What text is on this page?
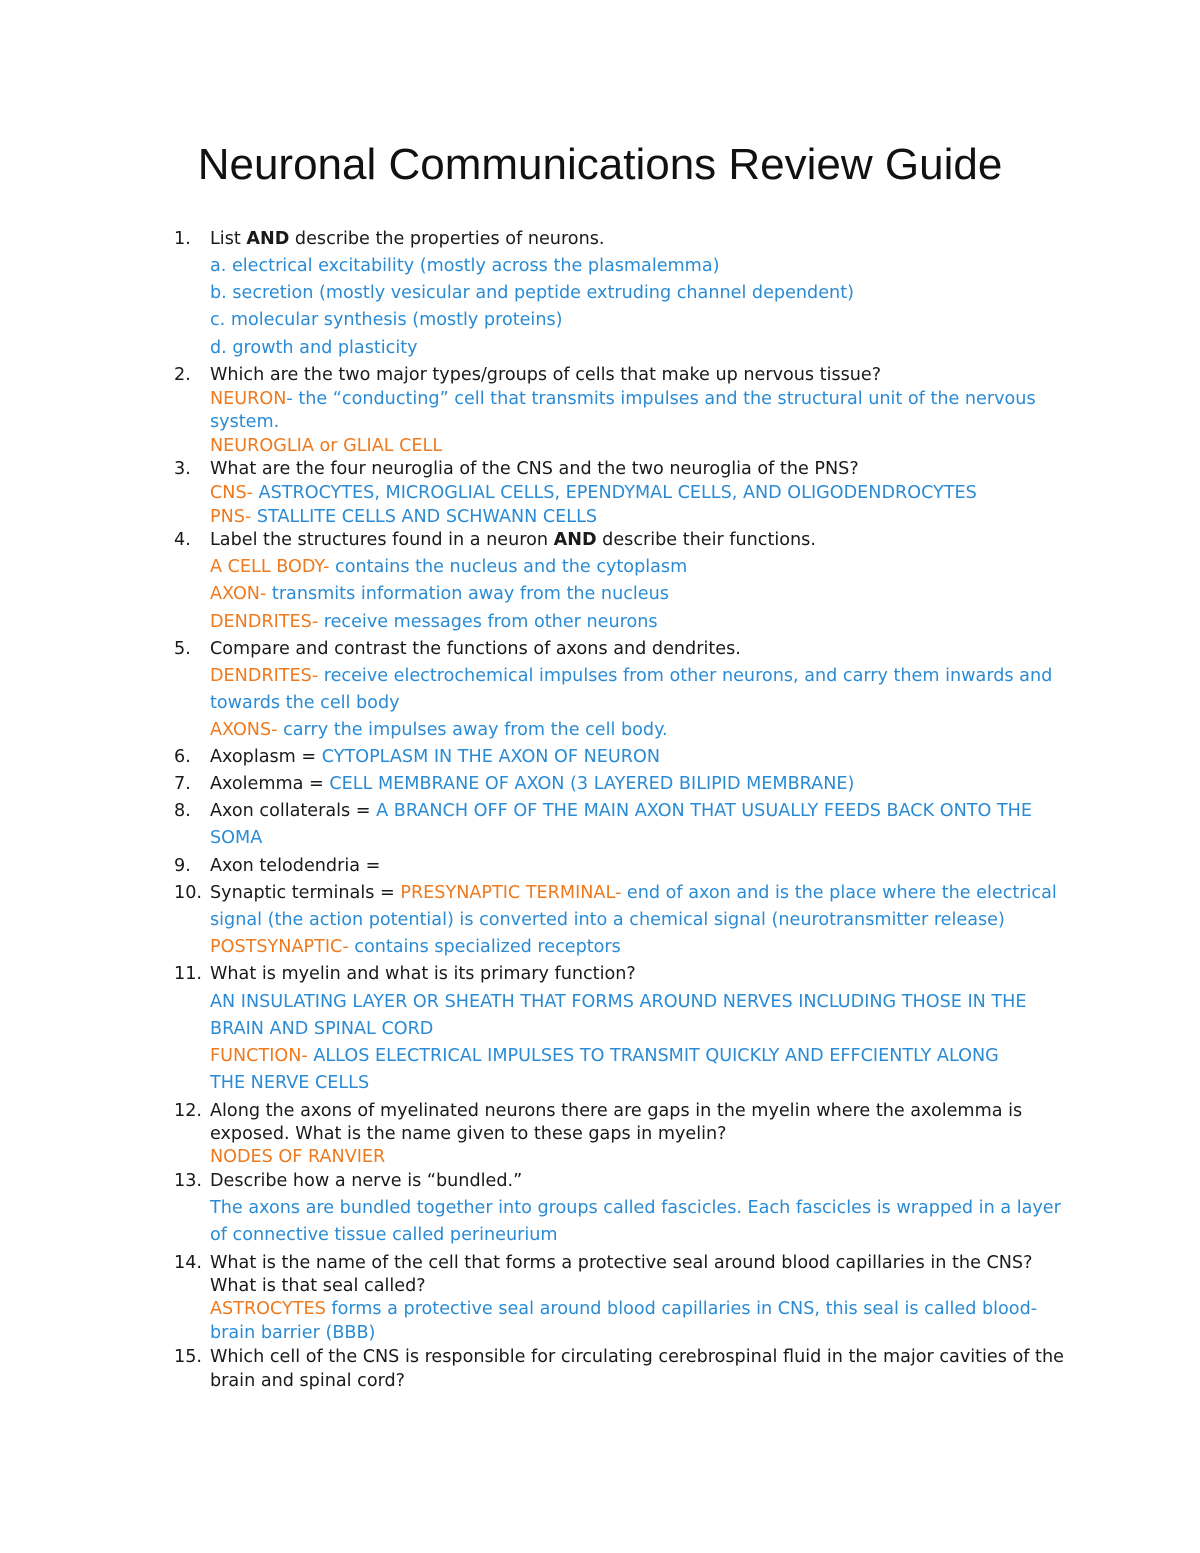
Neuronal Communications Review Guide
1.	List AND describe the properties of neurons.
a. electrical excitability (mostly across the plasmalemma)
b. secretion (mostly vesicular and peptide extruding channel dependent)
c. molecular synthesis (mostly proteins)
d. growth and plasticity
2.	Which are the two major types/groups of cells that make up nervous tissue?
NEURON- the “conducting” cell that transmits impulses and the structural unit of the nervous
system.
NEUROGLIA or GLIAL CELL
3.	What are the four neuroglia of the CNS and the two neuroglia of the PNS?
CNS- ASTROCYTES, MICROGLIAL CELLS, EPENDYMAL CELLS, AND OLIGODENDROCYTES
PNS- STALLITE CELLS AND SCHWANN CELLS
4.	Label the structures found in a neuron AND describe their functions.
A CELL BODY- contains the nucleus and the cytoplasm
AXON- transmits information away from the nucleus
DENDRITES- receive messages from other neurons
5.	Compare and contrast the functions of axons and dendrites.
DENDRITES- receive electrochemical impulses from other neurons, and carry them inwards and
towards the cell body
AXONS- carry the impulses away from the cell body.
6.	Axoplasm = CYTOPLASM IN THE AXON OF NEURON
7.	Axolemma = CELL MEMBRANE OF AXON (3 LAYERED BILIPID MEMBRANE)
8.	Axon collaterals = A BRANCH OFF OF THE MAIN AXON THAT USUALLY FEEDS BACK ONTO THE
SOMA
9.	Axon telodendria =
10. Synaptic terminals = PRESYNAPTIC TERMINAL- end of axon and is the place where the electrical
signal (the action potential) is converted into a chemical signal (neurotransmitter release)
POSTSYNAPTIC- contains specialized receptors
11. What is myelin and what is its primary function?
AN INSULATING LAYER OR SHEATH THAT FORMS AROUND NERVES INCLUDING THOSE IN THE
BRAIN AND SPINAL CORD
FUNCTION- ALLOS ELECTRICAL IMPULSES TO TRANSMIT QUICKLY AND EFFCIENTLY ALONG
THE NERVE CELLS
12. Along the axons of myelinated neurons there are gaps in the myelin where the axolemma is
exposed. What is the name given to these gaps in myelin?
NODES OF RANVIER
13. Describe how a nerve is “bundled.”
The axons are bundled together into groups called fascicles. Each fascicles is wrapped in a layer
of connective tissue called perineurium
14. What is the name of the cell that forms a protective seal around blood capillaries in the CNS?
What is that seal called?
ASTROCYTES forms a protective seal around blood capillaries in CNS, this seal is called blood-
brain barrier (BBB)
15. Which cell of the CNS is responsible for circulating cerebrospinal fluid in the major cavities of the
brain and spinal cord?
